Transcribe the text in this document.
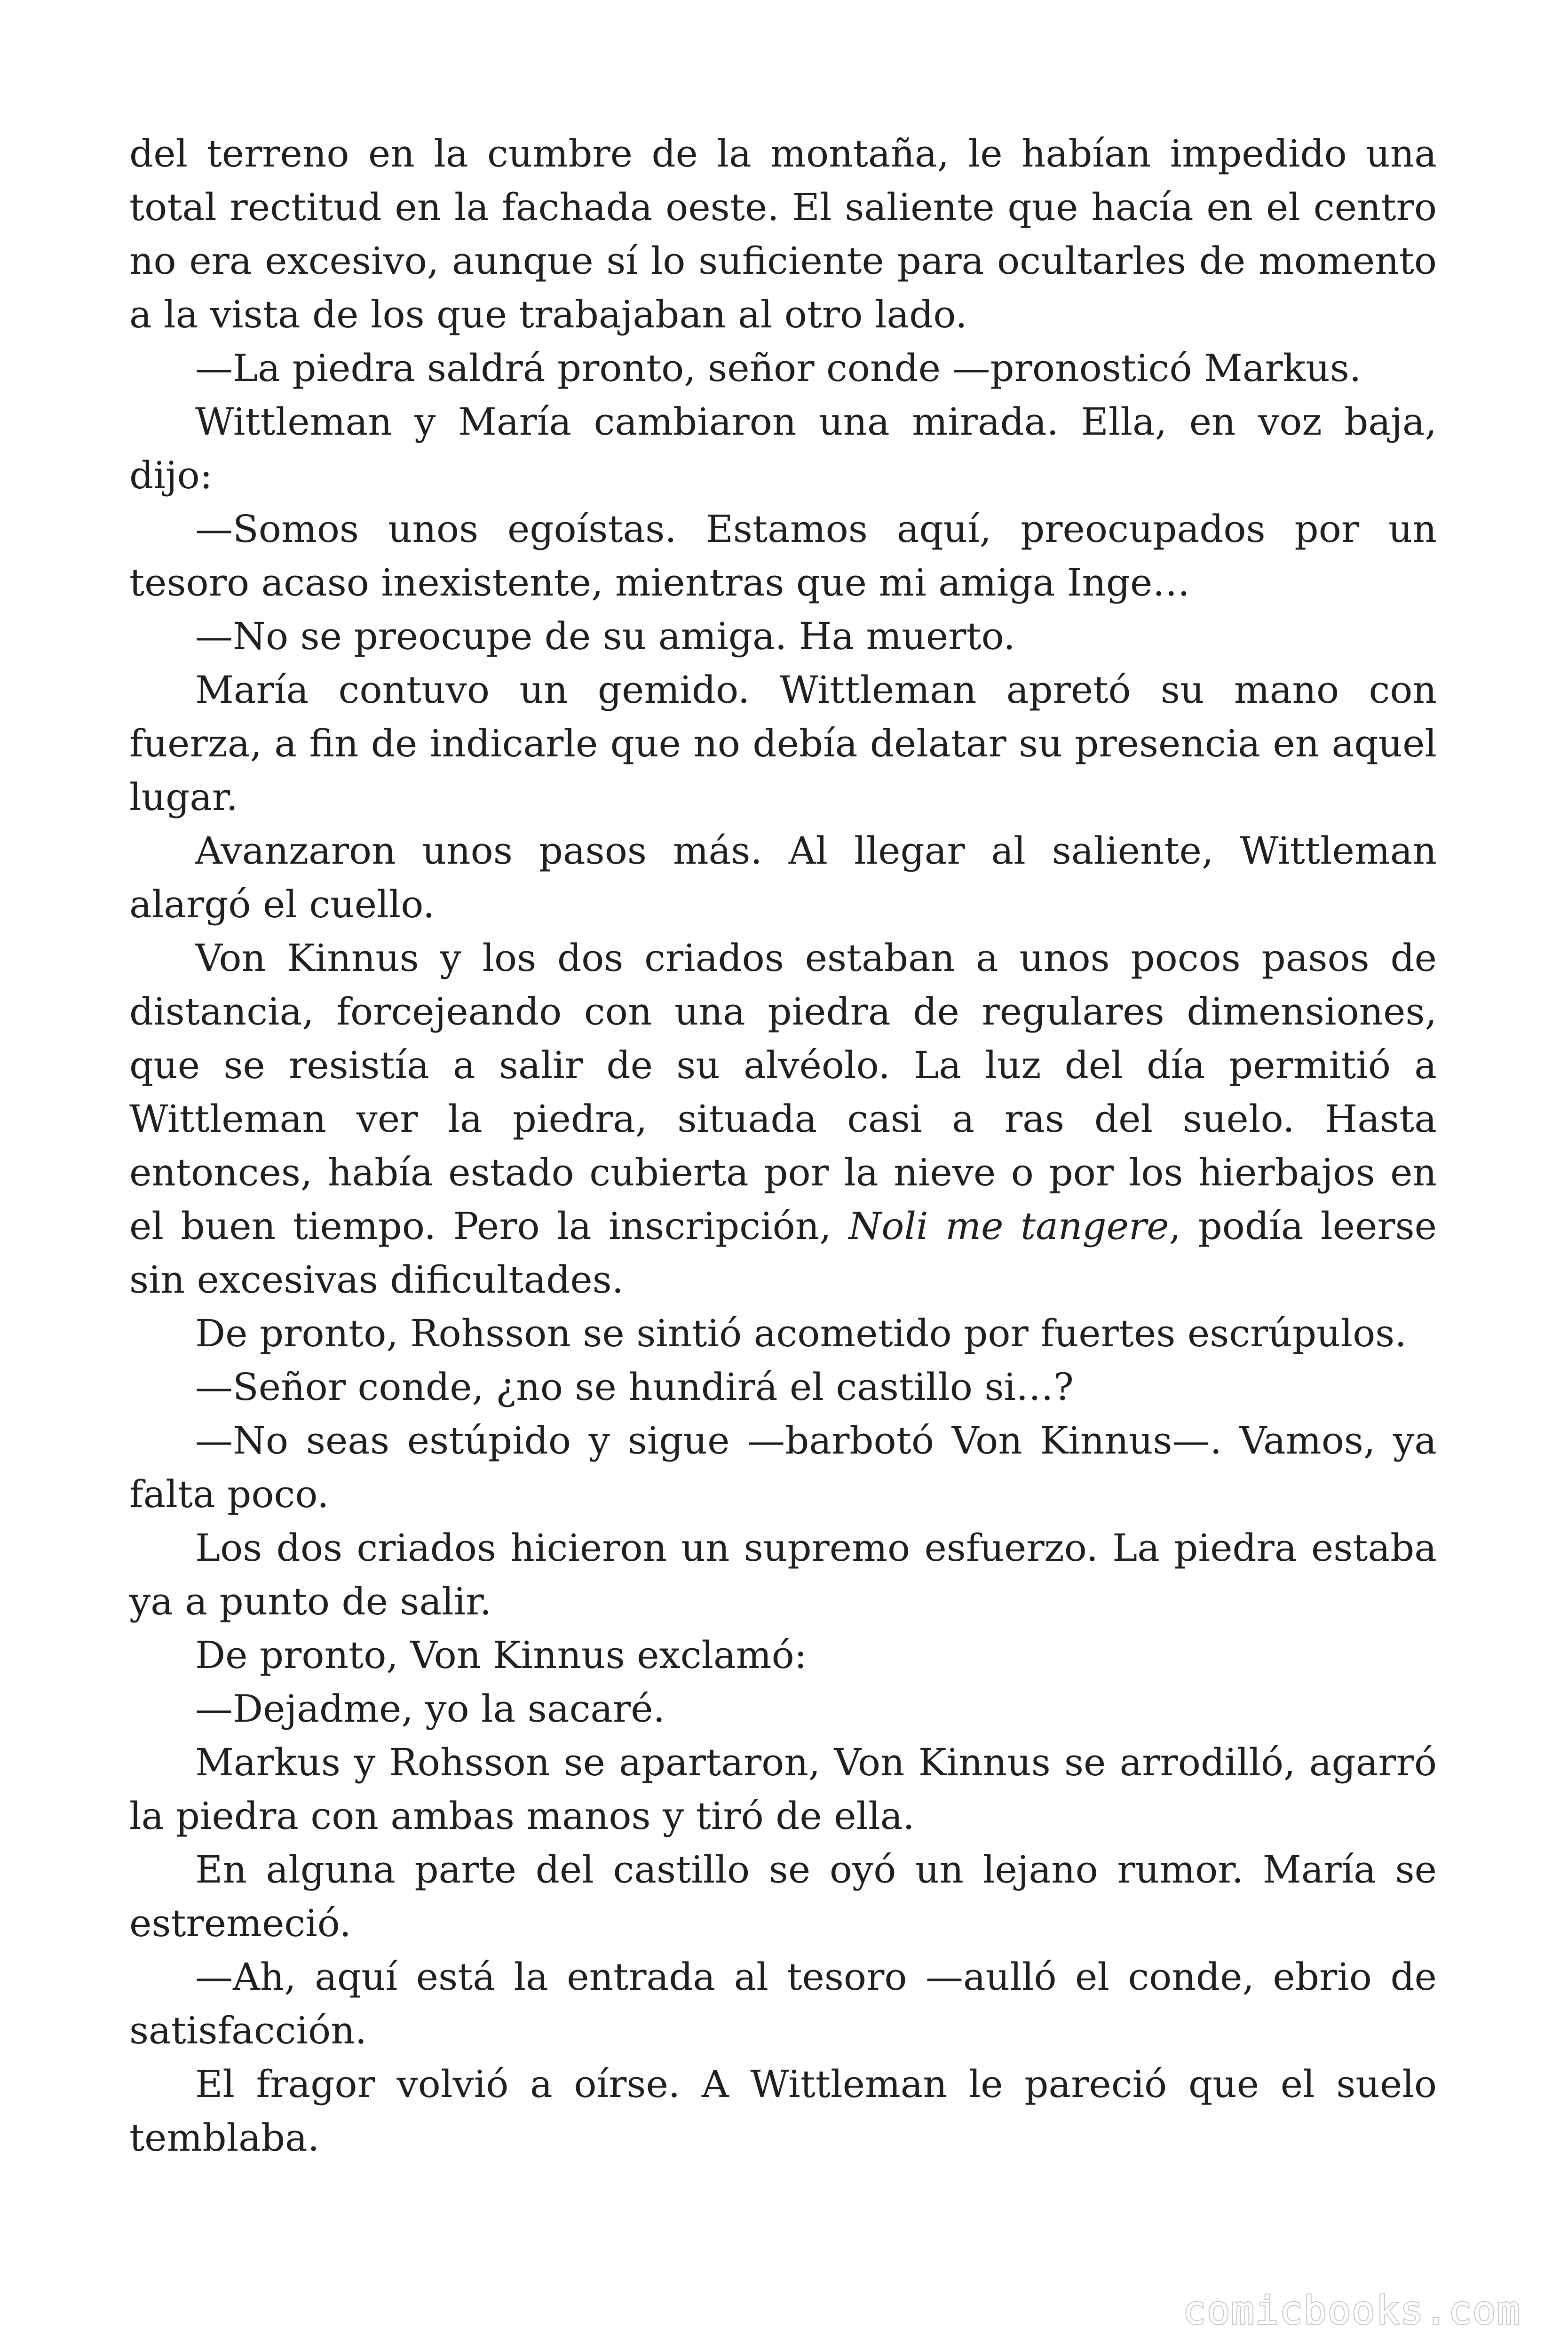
del terreno en la cumbre de la montaña, le habían impedido una total rectitud en la fachada oeste. El saliente que hacía en el centro no era excesivo, aunque sí lo suficiente para ocultarles de momento a la vista de los que trabajaban al otro lado.

—La piedra saldrá pronto, señor conde —pronosticó Markus.

Wittleman y María cambiaron una mirada. Ella, en voz baja, dijo:

—Somos unos egoístas. Estamos aquí, preocupados por un tesoro acaso inexistente, mientras que mi amiga Inge…

—No se preocupe de su amiga. Ha muerto.

María contuvo un gemido. Wittleman apretó su mano con fuerza, a fin de indicarle que no debía delatar su presencia en aquel lugar.

Avanzaron unos pasos más. Al llegar al saliente, Wittleman alargó el cuello.

Von Kinnus y los dos criados estaban a unos pocos pasos de distancia, forcejeando con una piedra de regulares dimensiones, que se resistía a salir de su alvéolo. La luz del día permitió a Wittleman ver la piedra, situada casi a ras del suelo. Hasta entonces, había estado cubierta por la nieve o por los hierbajos en el buen tiempo. Pero la inscripción, Noli me tangere, podía leerse sin excesivas dificultades.

De pronto, Rohsson se sintió acometido por fuertes escrúpulos.

—Señor conde, ¿no se hundirá el castillo si…?

—No seas estúpido y sigue —barbotó Von Kinnus—. Vamos, ya falta poco.

Los dos criados hicieron un supremo esfuerzo. La piedra estaba ya a punto de salir.

De pronto, Von Kinnus exclamó:

—Dejadme, yo la sacaré.

Markus y Rohsson se apartaron, Von Kinnus se arrodilló, agarró la piedra con ambas manos y tiró de ella.

En alguna parte del castillo se oyó un lejano rumor. María se estremeció.

—Ah, aquí está la entrada al tesoro —aulló el conde, ebrio de satisfacción.

El fragor volvió a oírse. A Wittleman le pareció que el suelo temblaba.

comicbooks.com
